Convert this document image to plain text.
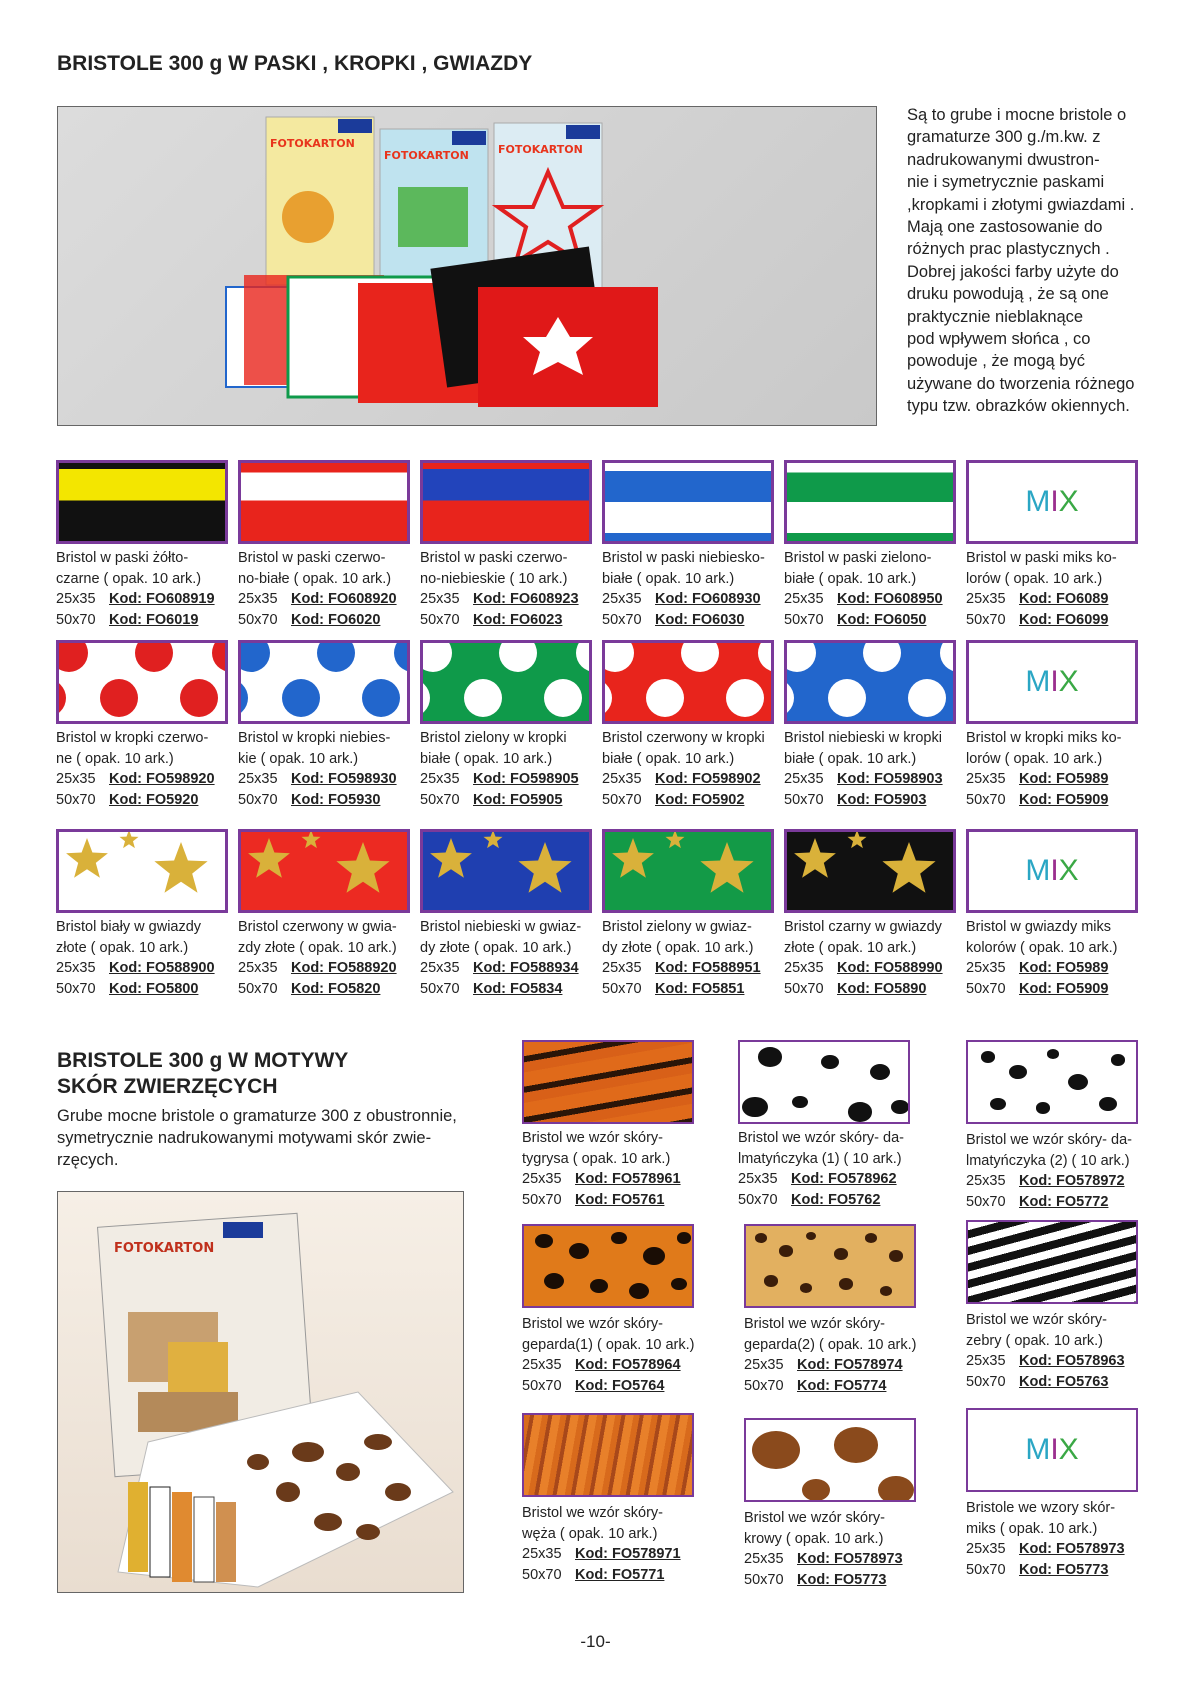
BRISTOLE 300 g W PASKI , KROPKI , GWIAZDY
FOTOKARTON
FOTOKARTON	FOTOKARTON
Są to grube i mocne bristole o
gramaturze 300 g./m.kw. z
nadrukowanymi dwustron-
nie i symetrycznie paskami
,kropkami i złotymi gwiazdami .
Mają one zastosowanie do
różnych prac plastycznych .
Dobrej jakości farby użyte do
druku powodują , że są one
praktycznie nieblaknące
pod wpływem słońca , co
powoduje , że mogą być
używane do tworzenia różnego
typu tzw. obrazków okiennych.
BRISTOLE 300 g W MOTYWY
SKÓR ZWIERZĘCYCH
Grube mocne bristole o gramaturze 300 z obustronnie,
symetrycznie nadrukowanymi motywami skór zwie-
rzęcych.
FOTOKARTON
-10-
Bristol w paski żółto-
czarne ( opak. 10 ark.)
25x35 Kod: FO608919
50x70 Kod: FO6019
Bristol w paski czerwo-
no-białe ( opak. 10 ark.)
25x35 Kod: FO608920
50x70 Kod: FO6020
Bristol w paski czerwo-
no-niebieskie ( 10 ark.)
25x35 Kod: FO608923
50x70 Kod: FO6023
Bristol w paski niebiesko-
białe ( opak. 10 ark.)
25x35 Kod: FO608930
50x70 Kod: FO6030
Bristol w paski zielono-
białe ( opak. 10 ark.)
25x35 Kod: FO608950
50x70 Kod: FO6050
M I X
Bristol w paski miks ko-
lorów ( opak. 10 ark.)
25x35 Kod: FO6089
50x70 Kod: FO6099
Bristol w kropki czerwo-
ne ( opak. 10 ark.)
25x35 Kod: FO598920
50x70 Kod: FO5920
Bristol w kropki niebies-
kie ( opak. 10 ark.)
25x35 Kod: FO598930
50x70 Kod: FO5930
Bristol zielony w kropki
białe ( opak. 10 ark.)
25x35 Kod: FO598905
50x70 Kod: FO5905
Bristol czerwony w kropki
białe ( opak. 10 ark.)
25x35 Kod: FO598902
50x70 Kod: FO5902
Bristol niebieski w kropki
białe ( opak. 10 ark.)
25x35 Kod: FO598903
50x70 Kod: FO5903
M I X
Bristol w kropki miks ko-
lorów ( opak. 10 ark.)
25x35 Kod: FO5989
50x70 Kod: FO5909
Bristol biały w gwiazdy
złote ( opak. 10 ark.)
25x35 Kod: FO588900
50x70 Kod: FO5800
Bristol czerwony w gwia-
zdy złote ( opak. 10 ark.)
25x35 Kod: FO588920
50x70 Kod: FO5820
Bristol niebieski w gwiaz-
dy złote ( opak. 10 ark.)
25x35 Kod: FO588934
50x70 Kod: FO5834
Bristol zielony w gwiaz-
dy złote ( opak. 10 ark.)
25x35 Kod: FO588951
50x70 Kod: FO5851
Bristol czarny w gwiazdy
złote ( opak. 10 ark.)
25x35 Kod: FO588990
50x70 Kod: FO5890
M I X
Bristol w gwiazdy miks
kolorów ( opak. 10 ark.)
25x35 Kod: FO5989
50x70 Kod: FO5909
Bristol we wzór skóry-
tygrysa ( opak. 10 ark.)
25x35 Kod: FO578961
50x70 Kod: FO5761
Bristol we wzór skóry- da-
lmatyńczyka (1) ( 10 ark.)
25x35 Kod: FO578962
50x70 Kod: FO5762
Bristol we wzór skóry- da-
lmatyńczyka (2) ( 10 ark.)
25x35 Kod: FO578972
50x70 Kod: FO5772
Bristol we wzór skóry-
geparda(1) ( opak. 10 ark.)
25x35 Kod: FO578964
50x70 Kod: FO5764
Bristol we wzór skóry-
geparda(2) ( opak. 10 ark.)
25x35 Kod: FO578974
50x70 Kod: FO5774
Bristol we wzór skóry-
zebry ( opak. 10 ark.)
25x35 Kod: FO578963
50x70 Kod: FO5763
Bristol we wzór skóry-
węża ( opak. 10 ark.)
25x35 Kod: FO578971
50x70 Kod: FO5771
Bristol we wzór skóry-
krowy ( opak. 10 ark.)
25x35 Kod: FO578973
50x70 Kod: FO5773
M I X
Bristole we wzory skór-
miks ( opak. 10 ark.)
25x35 Kod: FO578973
50x70 Kod: FO5773
